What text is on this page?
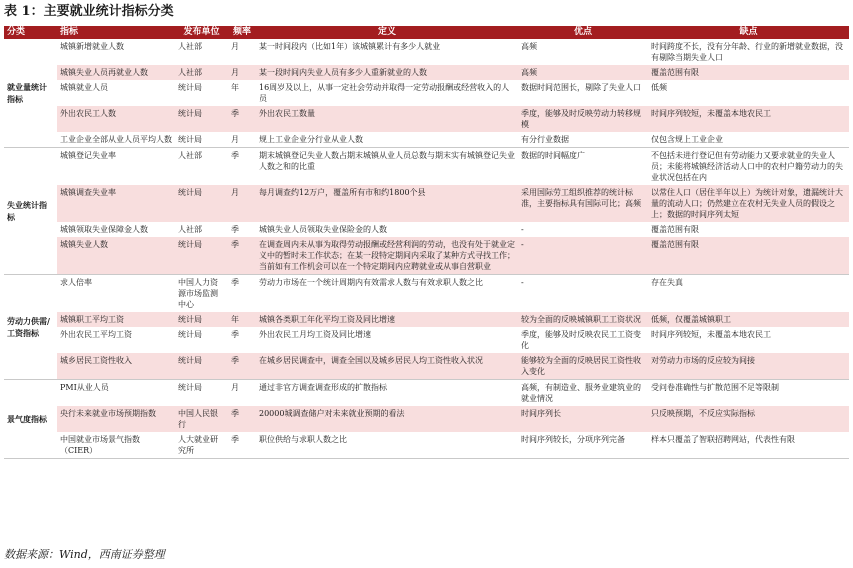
表 1：主要就业统计指标分类
分类	指标	发布单位	频率	定义	优点	缺点
就业量统计指标	城镇新增就业人数	人社部	月	某一时间段内（比如1年）该城镇累计有多少人就业	高频	时间跨度不长，没有分年龄、行业的新增就业数据，没有剔除当期失业人口
	城镇失业人员再就业人数	人社部	月	某一段时间内失业人员有多少人重新就业的人数	高频	覆盖范围有限
	城镇就业人员	统计局	年	16周岁及以上，从事一定社会劳动并取得一定劳动报酬或经营收入的人员	数据时间范围长，剔除了失业人口	低频
	外出农民工人数	统计局	季	外出农民工数量	季度，能够及时反映劳动力转移规模	时间序列较短，未覆盖本地农民工
	工业企业全部从业人员平均人数	统计局	月	规上工业企业分行业从业人数	有分行业数据	仅包含规上工业企业
失业统计指标	城镇登记失业率	人社部	季	期末城镇登记失业人数占期末城镇从业人员总数与期末实有城镇登记失业人数之和的比重	数据的时间幅度广	不包括未进行登记但有劳动能力又要求就业的失业人员；未能将城镇经济活动人口中的农村户籍劳动力的失业状况包括在内
	城镇调查失业率	统计局	月	每月调查约12万户，覆盖所有市和约1800个县	采用国际劳工组织推荐的统计标准，主要指标具有国际可比；高频	以常住人口（居住半年以上）为统计对象，遗漏统计大量的流动人口；仍然建立在农村无失业人员的假设之上；数据的时间序列太短
	城镇领取失业保障金人数	人社部	季	城镇失业人员领取失业保险金的人数	-	覆盖范围有限
	城镇失业人数	统计局	季	在调查周内未从事为取得劳动报酬或经营利润的劳动，也没有处于就业定义中的暂时未工作状态；在某一段特定期间内采取了某种方式寻找工作；当前如有工作机会可以在一个特定期间内应聘就业或从事自营职业	-	覆盖范围有限
劳动力供需/工资指标	求人倍率	中国人力资源市场监测中心	季	劳动力市场在一个统计周期内有效需求人数与有效求职人数之比	-	存在失真
	城镇职工平均工资	统计局	年	城镇各类职工年化平均工资及同比增速	较为全面的反映城镇职工工资状况	低频，仅覆盖城镇职工
	外出农民工平均工资	统计局	季	外出农民工月均工资及同比增速	季度，能够及时反映农民工工资变化	时间序列较短，未覆盖本地农民工
	城乡居民工资性收入	统计局	季	在城乡居民调查中，调查全国以及城乡居民人均工资性收入状况	能够较为全面的反映居民工资性收入变化	对劳动力市场的反应较为间接
景气度指标	PMI从业人员	统计局	月	通过非官方调查调查形成的扩散指标	高频，有制造业、服务业建筑业的就业情况	受问卷准确性与扩散范围不足等限制
	央行未来就业市场预期指数	中国人民银行	季	20000城调查储户对未来就业预期的看法	时间序列长	只反映预期，不反应实际指标
	中国就业市场景气指数（CIER）	人大就业研究所	季	职位供给与求职人数之比	时间序列较长，分项序列完备	样本只覆盖了智联招聘网站，代表性有限
数据来源：Wind，西南证券整理
